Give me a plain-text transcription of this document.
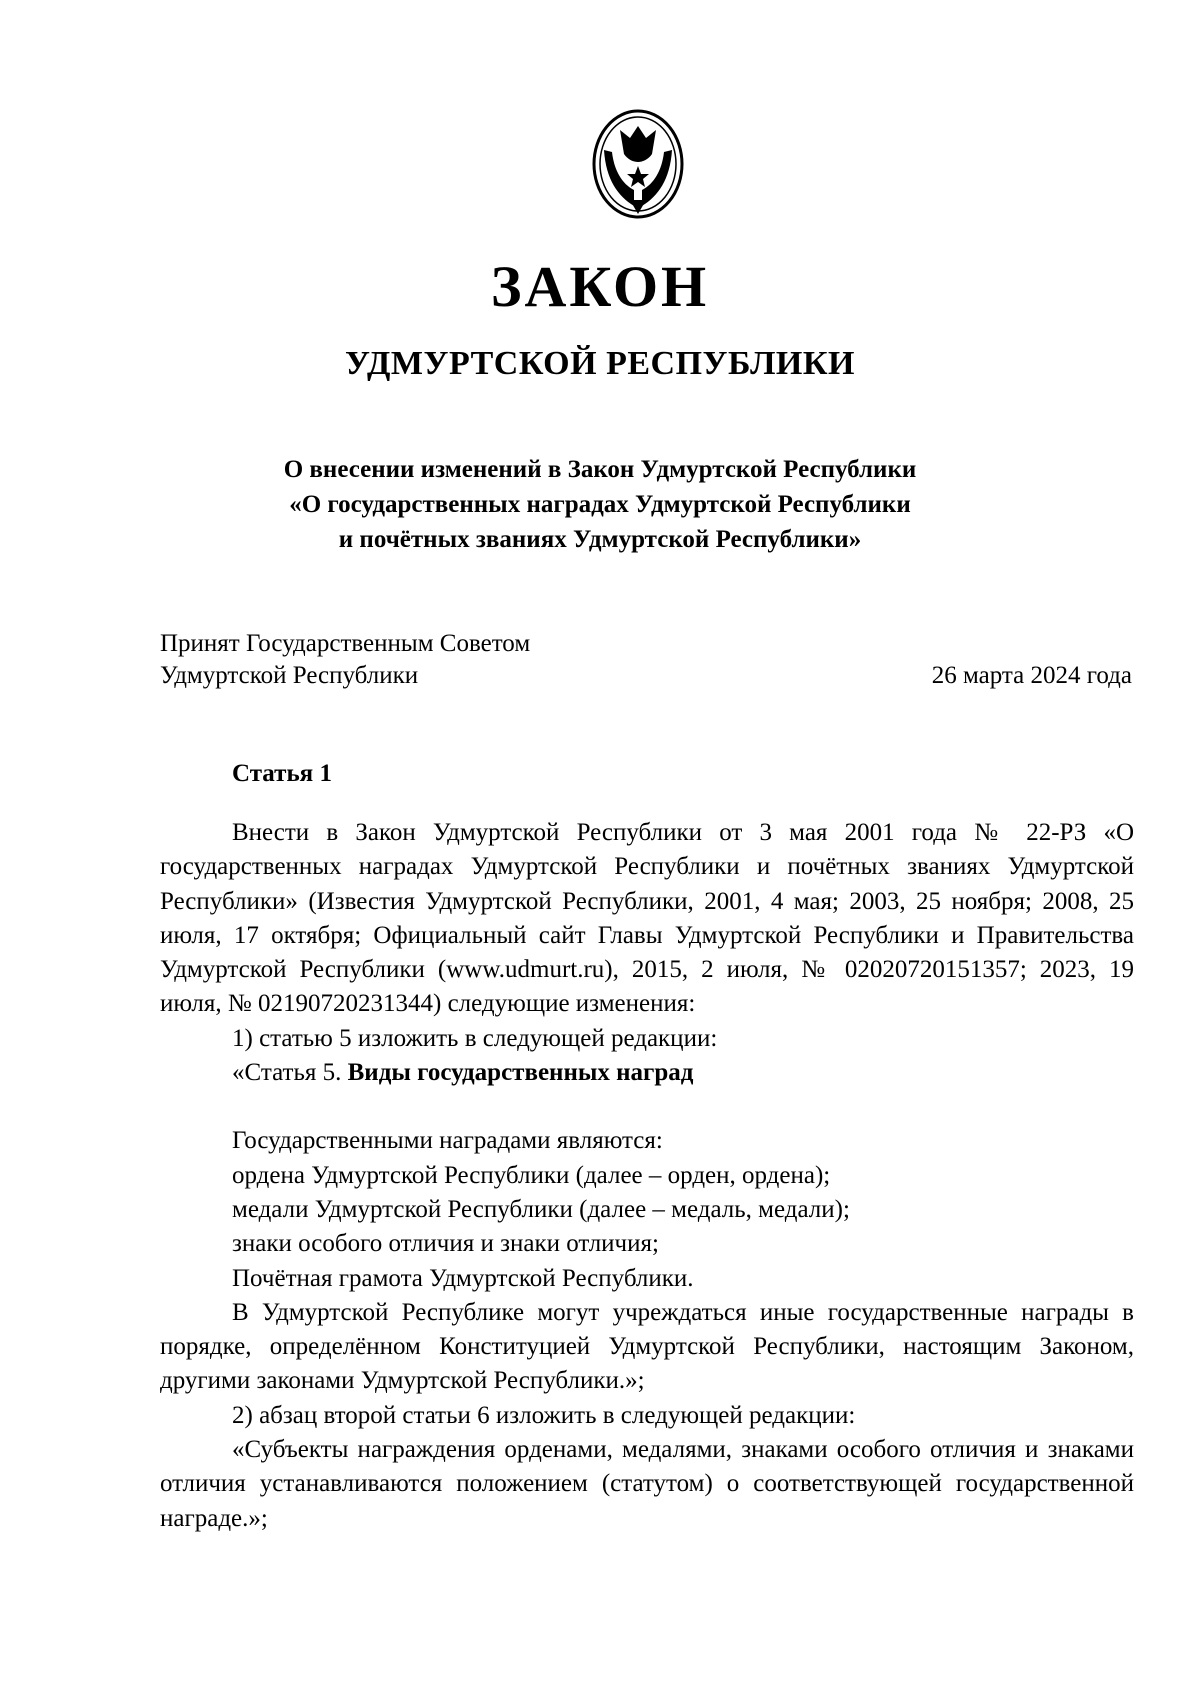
ЗАКОН
УДМУРТСКОЙ РЕСПУБЛИКИ
О внесении изменений в Закон Удмуртской Республики
«О государственных наградах Удмуртской Республики
и почётных званиях Удмуртской Республики»
Принят Государственным Советом
Удмуртской Республики	26 марта 2024 года
Статья 1

Внести в Закон Удмуртской Республики от 3 мая 2001 года № 22-РЗ «О государственных наградах Удмуртской Республики и почётных званиях Удмуртской Республики» (Известия Удмуртской Республики, 2001, 4 мая; 2003, 25 ноября; 2008, 25 июля, 17 октября; Официальный сайт Главы Удмуртской Республики и Правительства Удмуртской Республики (www.udmurt.ru), 2015, 2 июля, № 02020720151357; 2023, 19 июля, № 02190720231344) следующие изменения:

1) статью 5 изложить в следующей редакции:

«Статья 5. Виды государственных наград

Государственными наградами являются:

ордена Удмуртской Республики (далее – орден, ордена);

медали Удмуртской Республики (далее – медаль, медали);

знаки особого отличия и знаки отличия;

Почётная грамота Удмуртской Республики.

В Удмуртской Республике могут учреждаться иные государственные награды в порядке, определённом Конституцией Удмуртской Республики, настоящим Законом, другими законами Удмуртской Республики.»;

2) абзац второй статьи 6 изложить в следующей редакции:

«Субъекты награждения орденами, медалями, знаками особого отличия и знаками отличия устанавливаются положением (статутом) о соответствующей государственной награде.»;
